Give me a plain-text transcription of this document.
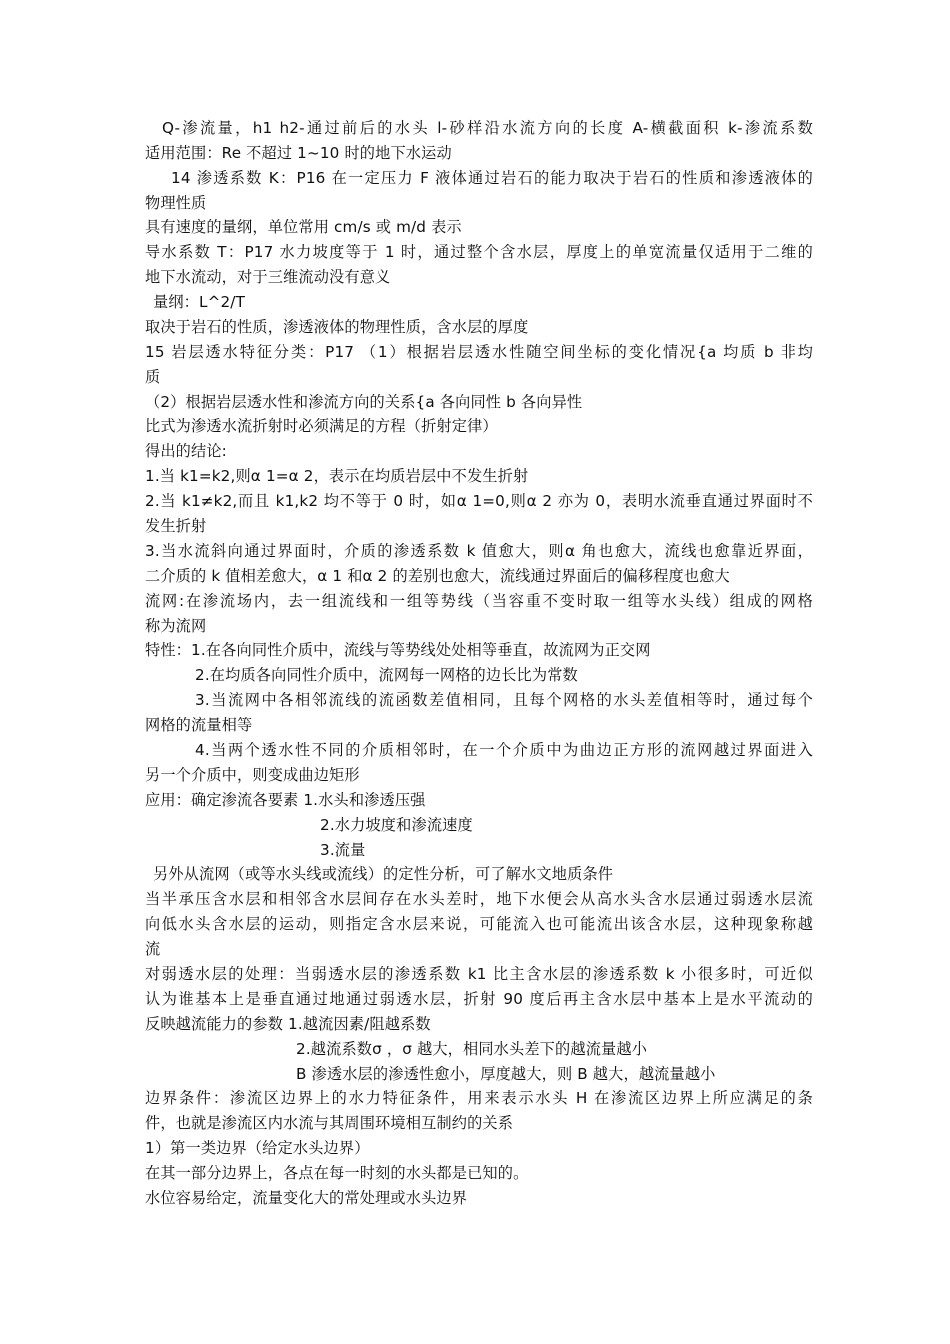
Q-渗流量，h1 h2-通过前后的水头 l-砂样沿水流方向的长度 A-横截面积 k-渗流系数
适用范围：Re 不超过 1~10 时的地下水运动
14 渗透系数 K：P16 在一定压力 F 液体通过岩石的能力取决于岩石的性质和渗透液体的
物理性质
具有速度的量纲，单位常用 cm/s 或 m/d 表示
导水系数 T：P17 水力坡度等于 1 时，通过整个含水层，厚度上的单宽流量仅适用于二维的
地下水流动，对于三维流动没有意义
量纲：L^2/T
取决于岩石的性质，渗透液体的物理性质，含水层的厚度
15 岩层透水特征分类：P17 （1）根据岩层透水性随空间坐标的变化情况{a 均质 b 非均
质
（2）根据岩层透水性和渗流方向的关系{a 各向同性 b 各向异性
比式为渗透水流折射时必须满足的方程（折射定律）
得出的结论:
1.当 k1=k2,则α 1=α 2，表示在均质岩层中不发生折射
2.当 k1≠k2,而且 k1,k2 均不等于 0 时，如α 1=0,则α 2 亦为 0，表明水流垂直通过界面时不
发生折射
3.当水流斜向通过界面时，介质的渗透系数 k 值愈大，则α 角也愈大，流线也愈靠近界面，
二介质的 k 值相差愈大，α 1 和α 2 的差别也愈大，流线通过界面后的偏移程度也愈大
流网:在渗流场内，去一组流线和一组等势线（当容重不变时取一组等水头线）组成的网格
称为流网
特性：1.在各向同性介质中，流线与等势线处处相等垂直，故流网为正交网
2.在均质各向同性介质中，流网每一网格的边长比为常数
3.当流网中各相邻流线的流函数差值相同，且每个网格的水头差值相等时，通过每个
网格的流量相等
4.当两个透水性不同的介质相邻时，在一个介质中为曲边正方形的流网越过界面进入
另一个介质中，则变成曲边矩形
应用：确定渗流各要素 1.水头和渗透压强
2.水力坡度和渗流速度
3.流量
另外从流网（或等水头线或流线）的定性分析，可了解水文地质条件
当半承压含水层和相邻含水层间存在水头差时，地下水便会从高水头含水层通过弱透水层流
向低水头含水层的运动，则指定含水层来说，可能流入也可能流出该含水层，这种现象称越
流
对弱透水层的处理：当弱透水层的渗透系数 k1 比主含水层的渗透系数 k 小很多时，可近似
认为谁基本上是垂直通过地通过弱透水层，折射 90 度后再主含水层中基本上是水平流动的
反映越流能力的参数 1.越流因素/阻越系数
2.越流系数σ ，σ 越大，相同水头差下的越流量越小
B 渗透水层的渗透性愈小，厚度越大，则 B 越大，越流量越小
边界条件：渗流区边界上的水力特征条件，用来表示水头 H 在渗流区边界上所应满足的条
件，也就是渗流区内水流与其周围环境相互制约的关系
1）第一类边界（给定水头边界）
在其一部分边界上，各点在每一时刻的水头都是已知的。
水位容易给定，流量变化大的常处理或水头边界
